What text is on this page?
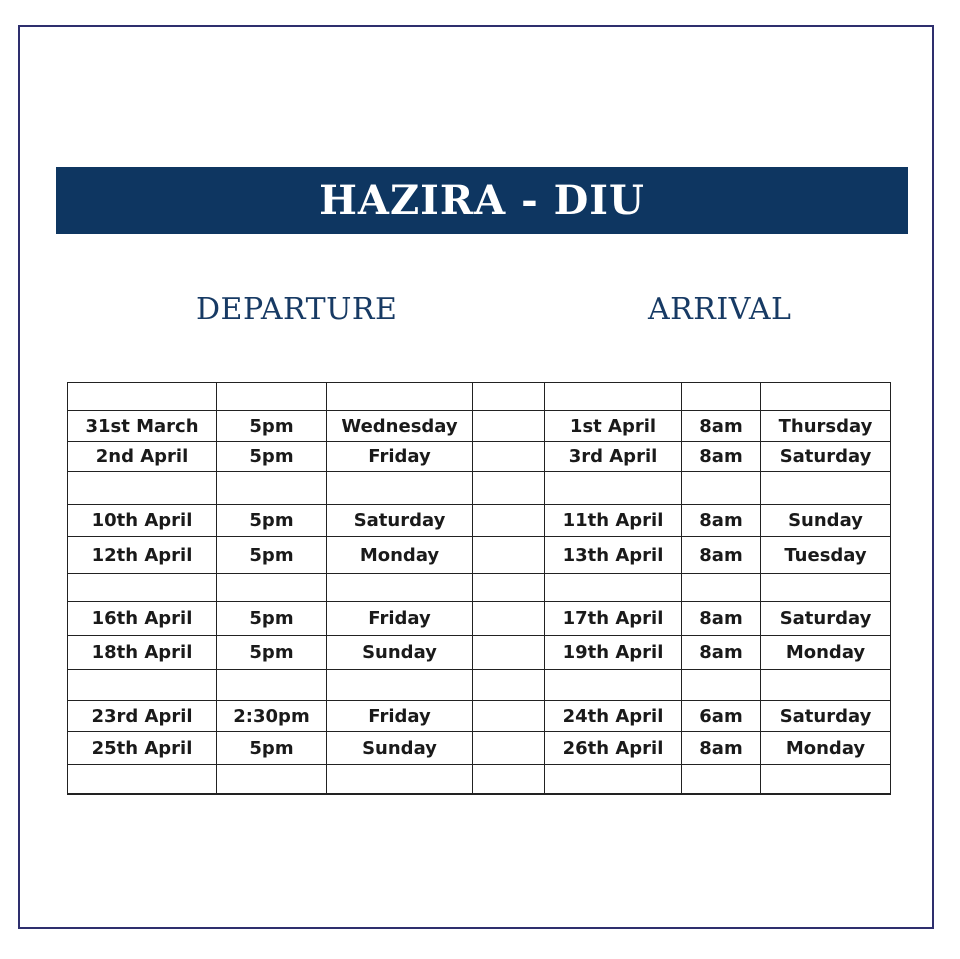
HAZIRA - DIU
DEPARTURE	ARRIVAL

31st March	5pm	Wednesday		1st April	8am	Thursday
2nd April	5pm	Friday		3rd April	8am	Saturday

10th April	5pm	Saturday		11th April	8am	Sunday
12th April	5pm	Monday		13th April	8am	Tuesday

16th April	5pm	Friday		17th April	8am	Saturday
18th April	5pm	Sunday		19th April	8am	Monday

23rd April	2:30pm	Friday		24th April	6am	Saturday
25th April	5pm	Sunday		26th April	8am	Monday
